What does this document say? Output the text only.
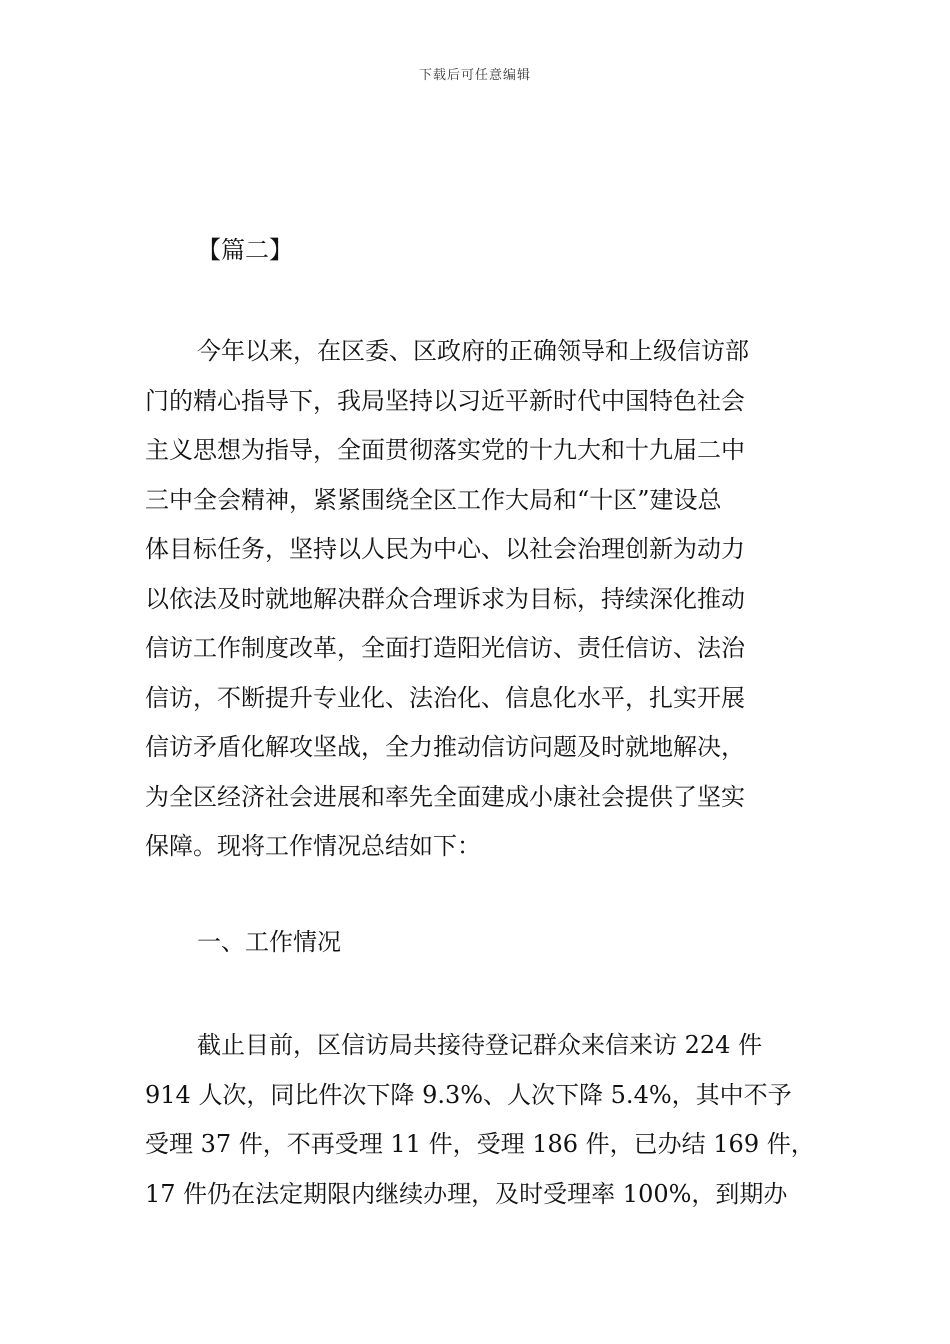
下载后可任意编辑
【篇二】
今年以来，在区委、区政府的正确领导和上级信访部
门的精心指导下，我局坚持以习近平新时代中国特色社会
主义思想为指导，全面贯彻落实党的十九大和十九届二中
三中全会精神，紧紧围绕全区工作大局和“十区”建设总
体目标任务，坚持以人民为中心、以社会治理创新为动力
以依法及时就地解决群众合理诉求为目标，持续深化推动
信访工作制度改革，全面打造阳光信访、责任信访、法治
信访，不断提升专业化、法治化、信息化水平，扎实开展
信访矛盾化解攻坚战，全力推动信访问题及时就地解决，
为全区经济社会进展和率先全面建成小康社会提供了坚实
保障。现将工作情况总结如下：
一、工作情况
截止目前，区信访局共接待登记群众来信来访 224 件
914 人次，同比件次下降 9.3%、人次下降 5.4%，其中不予
受理 37 件，不再受理 11 件，受理 186 件，已办结 169 件，
17 件仍在法定期限内继续办理，及时受理率 100%，到期办
